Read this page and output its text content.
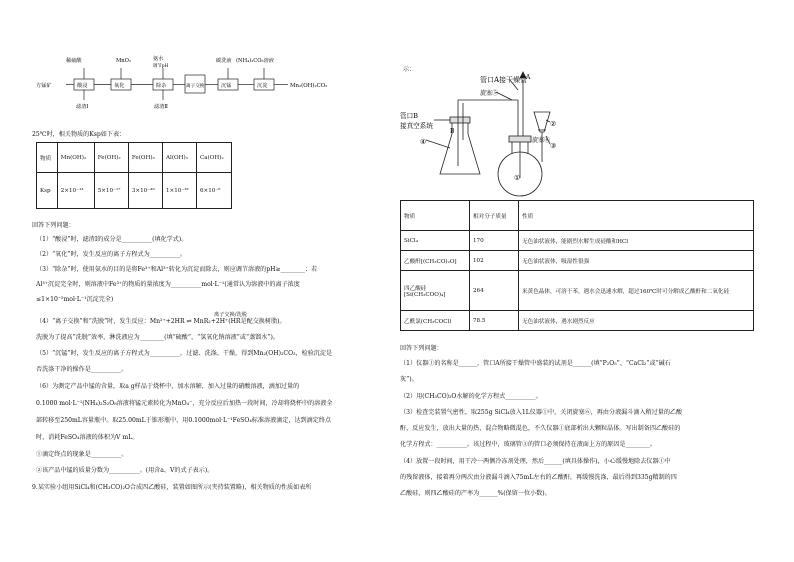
稀硫酸	MnO₂	氨水
调节pH
碳洗液 (NH₄)₂CO₃溶液
方锰矿	酸浸	氧化	除杂	离子交换	沉锰	沉淀
滤渣Ⅰ	滤渣Ⅱ
Mn₂(OH)₂CO₃
25℃时，相关物质的Ksp如下表：
物质	Mn(OH)₂	Fe(OH)₂	Fe(OH)₃	Al(OH)₃	Ca(OH)₂
Ksp	2×10⁻¹³	5×10⁻¹⁷	3×10⁻³⁹	1×10⁻³²	6×10⁻⁶
回答下列问题：
（1）“酸浸”时，滤渣Ⅰ的成分是__________(填化学式)。
（2）“氧化”时，发生反应的离子方程式为__________。
（3）“除杂”时，使用氨水的目的是将Fe³⁺和Al³⁺转化为沉淀而除去，则应调节溶液的pH≥________；若
Al³⁺沉淀完全时，则溶液中Fe³⁺的物质的量浓度为__________mol·L⁻¹(通常认为溶液中的离子浓度
≤1×10⁻⁵mol·L⁻¹沉淀完全)
（4）“离子交换”和“洗脱”时，发生反应：Mn²⁺+2HR ⇌ MnR₂+2H⁺(HR是配交换树脂)。
离子交换/洗脱
洗脱为了提高“洗脱”效率，淋洗液应为________(填“硫酸”、“氢氧化钠溶液”或“蒸馏水”)。
（5）“沉锰”时，发生反应的离子方程式为__________。过滤、洗涤、干燥，得到Mn₂(OH)₂CO₃，检验沉淀是
否洗涤干净的操作是__________。
（6）为测定产品中锰的含量，取a g样品于烧杯中，加水溶解，加入过量的硝酸溶液，滴加过量的
0.1000 mol·L⁻¹(NH₄)₂S₂O₈溶液将锰元素转化为MnO₄⁻，充分反应后加热一段时间，冷却将烧杯中的溶液全
部转移至250mL容量瓶中。取25.00mL于锥形瓶中，用0.1000mol·L⁻¹FeSO₄标准溶液滴定，达到滴定终点
时，消耗FeSO₄溶液的体积为V mL。
①滴定终点的现象是__________。
②该产品中锰的质量分数为__________。(用含a、V的式子表示)。
9.某实验小组用SiCl₄和(CH₃CO)₂O合成四乙酸硅，装置如图所示(夹持装置略)，相关物质的性质如表所
示：
管口A接干燥管
A
旋塞⑤
管口B
接真空系统
B
①
②
③
④	旋塞⑥
物质	相对分子质量	性质
SiCl₄	170	无色油状液体，能剧烈水解生成硅酸和HCl
乙酸酐[(CH₃CO)₂O]	102	无色油状液体，吸湿性很强
四乙酸硅[Si(CH₃COO)₄]	264	米黄色晶体，可溶于苯，遇水会迅速水解，超过160℃时可分解成乙酸酐和二氧化硅
乙酰氯(CH₃COCl)	78.5	无色油状液体，遇水剧烈反应
回答下列问题：
（1）仪器①的名称是______，管口A所接干燥管中盛装的试剂是______(填“P₂O₅”、“CaCl₂”或“碱石
灰”)。
（2）用(CH₃CO)₂O水解的化学方程式__________。
（3）检查完装置气密性，取255g SiCl₄放入1L仪器①中，关闭旋塞⑥，再由分液漏斗滴入稍过量的乙酸
酐，反应发生，放出大量的热，混合物略微混色，不久仪器①底部析出大颗粒晶体。写出制备四乙酸硅的
化学方程式：__________。该过程中，玻璃管③的管口必须保持在液面上方的原因是________。
（4）放置一段时间，用干冷一两侧冷冻剂处理，然后______(填具体操作)，小心缓慢地除去仪器①中
的残留液体，接着再分两次由分液漏斗滴入75mL左右的乙酸酐，再缓慢洗涤，最后得到335g精制的四
乙酸硅，则四乙酸硅的产率为______%(保留一位小数)。
